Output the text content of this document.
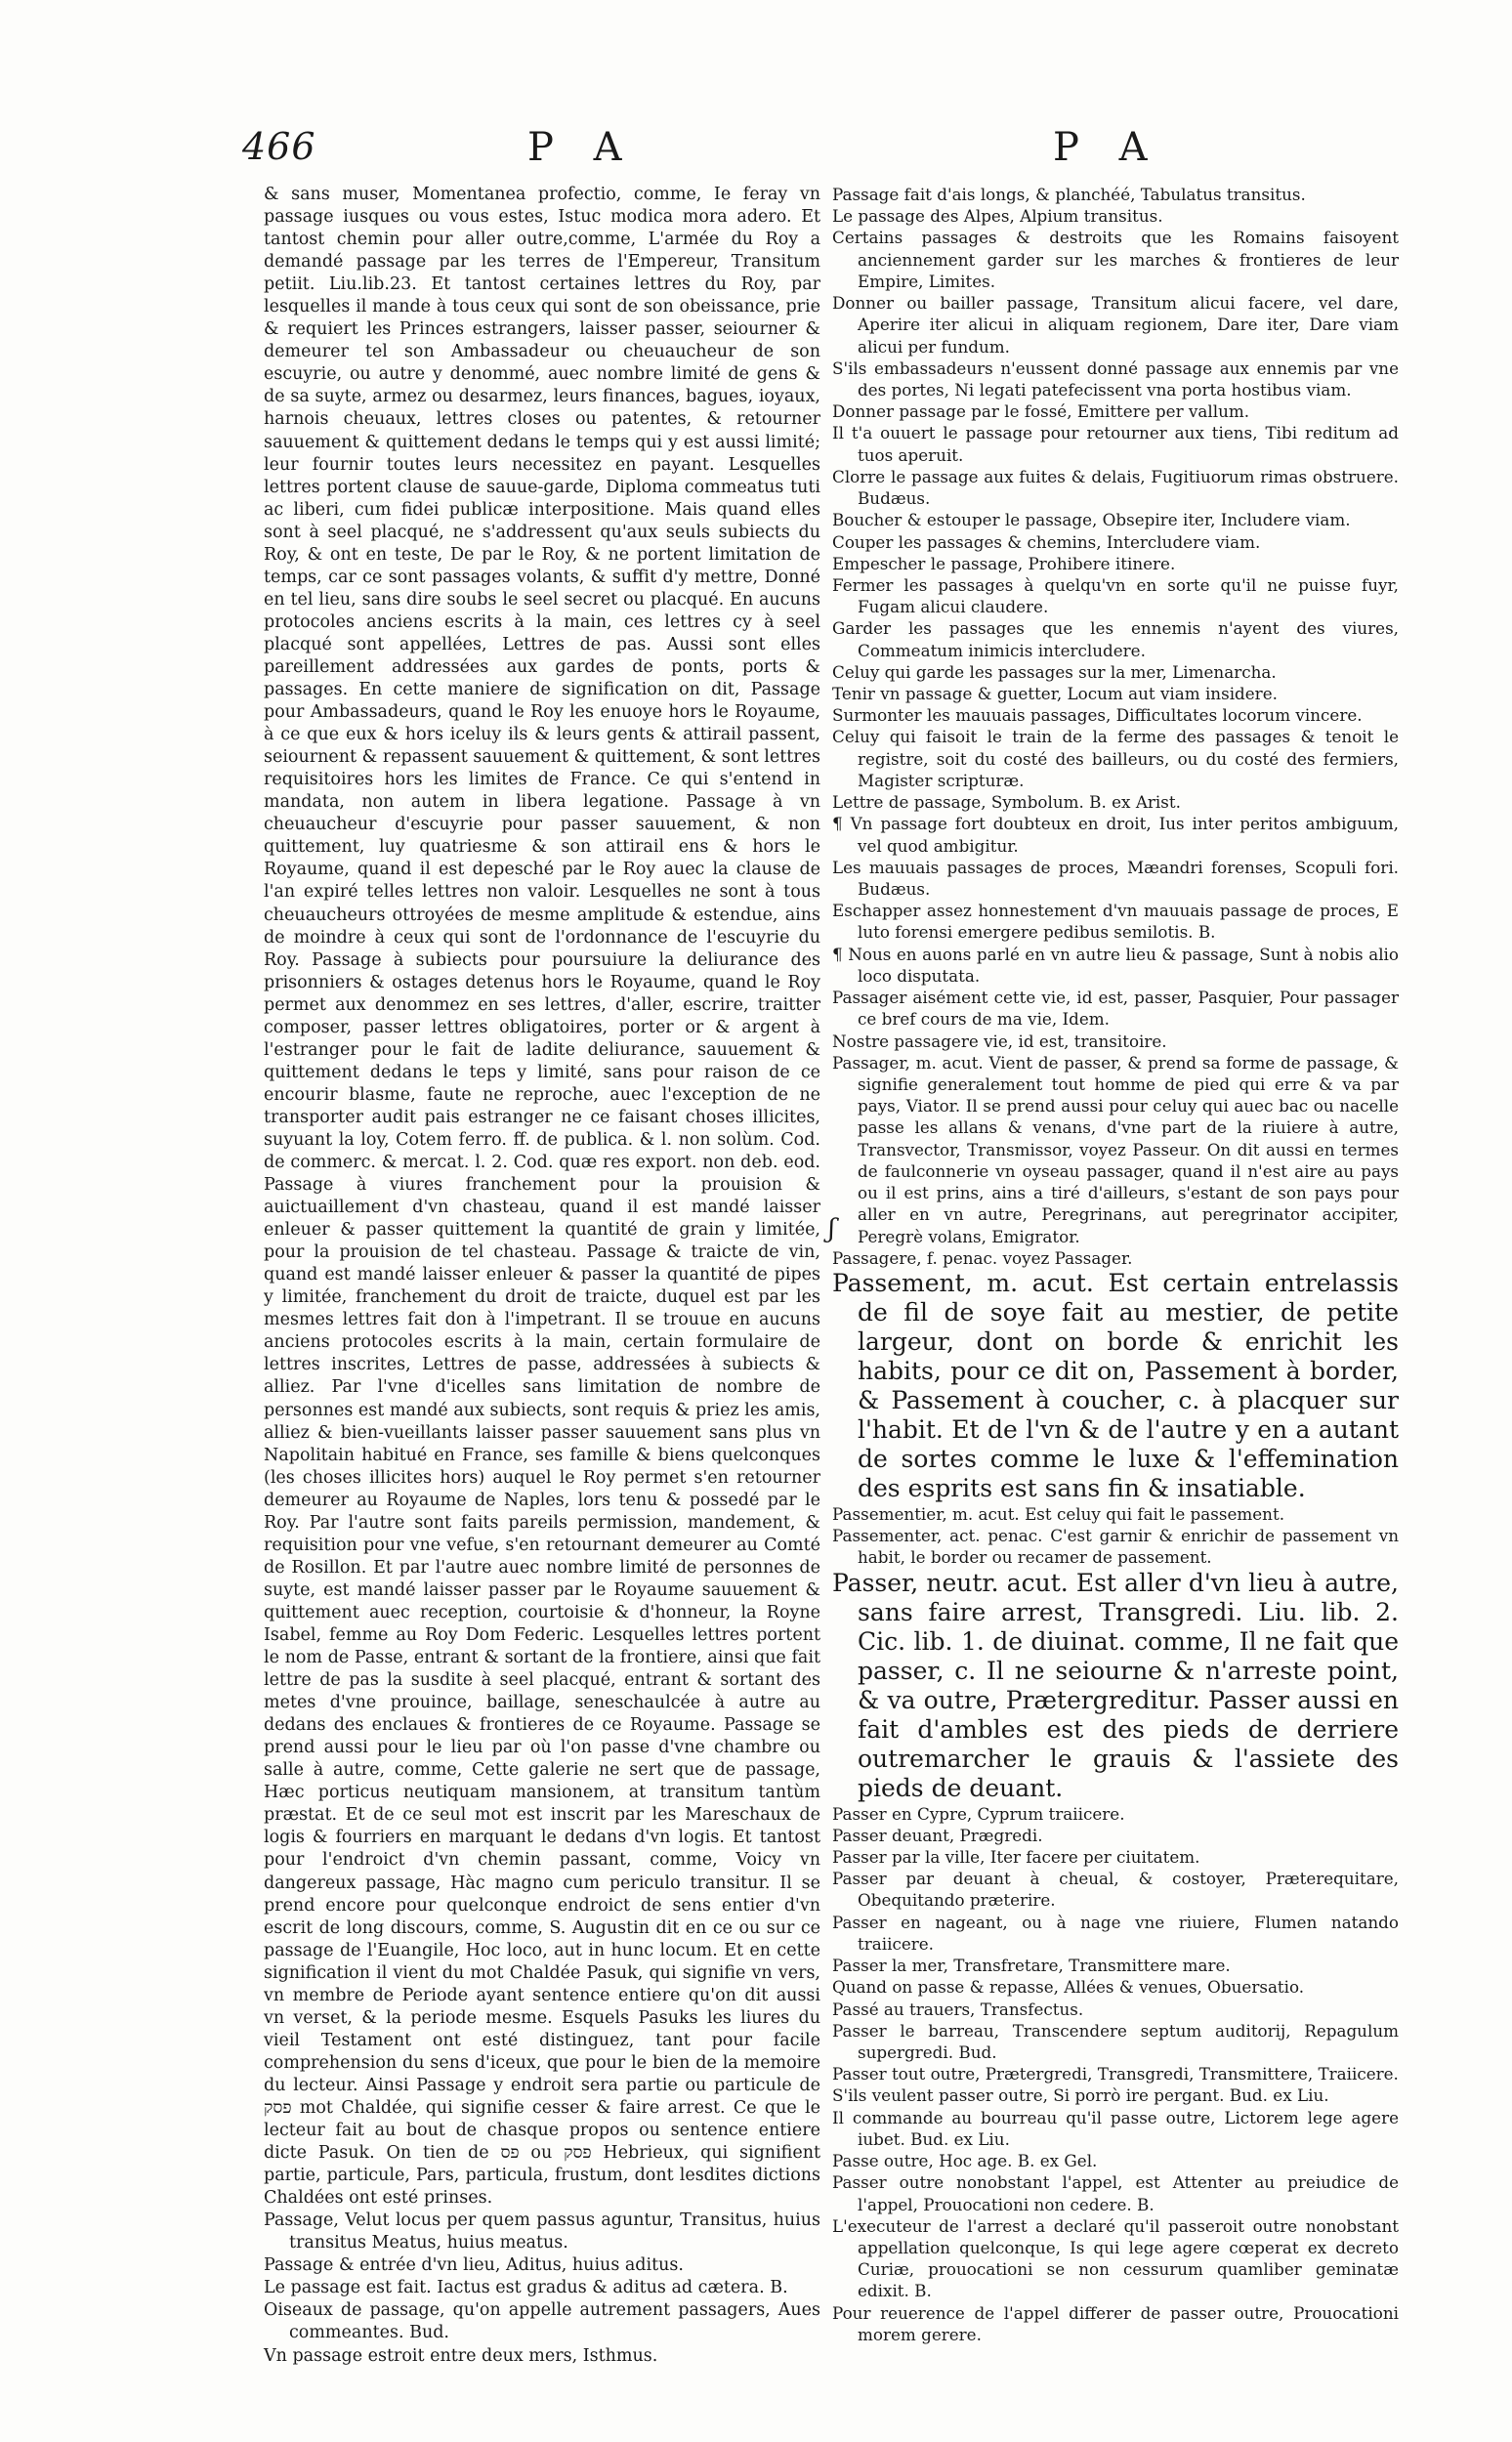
466	P A	P A
ʃ

& sans muser, Momentanea profectio, comme, Ie feray vn passage iusques ou vous estes, Istuc modica mora adero. Et tantost chemin pour aller outre,comme, L'armée du Roy a demandé passage par les terres de l'Empereur, Transitum petiit. Liu.lib.23. Et tantost certaines lettres du Roy, par lesquelles il mande à tous ceux qui sont de son obeissance, prie & requiert les Princes estrangers, laisser passer, seiourner & demeurer tel son Ambassadeur ou cheuaucheur de son escuyrie, ou autre y denommé, auec nombre limité de gens & de sa suyte, armez ou desarmez, leurs finances, bagues, ioyaux, harnois cheuaux, lettres closes ou patentes, & retourner sauuement & quittement dedans le temps qui y est aussi limité; leur fournir toutes leurs necessitez en payant. Lesquelles lettres portent clause de sauue-garde, Diploma commeatus tuti ac liberi, cum fidei publicæ interpositione. Mais quand elles sont à seel placqué, ne s'addressent qu'aux seuls subiects du Roy, & ont en teste, De par le Roy, & ne portent limitation de temps, car ce sont passages volants, & suffit d'y mettre, Donné en tel lieu, sans dire soubs le seel secret ou placqué. En aucuns protocoles anciens escrits à la main, ces lettres cy à seel placqué sont appellées, Lettres de pas. Aussi sont elles pareillement addressées aux gardes de ponts, ports & passages. En cette maniere de signification on dit, Passage pour Ambassadeurs, quand le Roy les enuoye hors le Royaume, à ce que eux & hors iceluy ils & leurs gents & attirail passent, seiournent & repassent sauuement & quittement, & sont lettres requisitoires hors les limites de France. Ce qui s'entend in mandata, non autem in libera legatione. Passage à vn cheuaucheur d'escuyrie pour passer sauuement, & non quittement, luy quatriesme & son attirail ens & hors le Royaume, quand il est depesché par le Roy auec la clause de l'an expiré telles lettres non valoir. Lesquelles ne sont à tous cheuaucheurs ottroyées de mesme amplitude & estendue, ains de moindre à ceux qui sont de l'ordonnance de l'escuyrie du Roy. Passage à subiects pour poursuiure la deliurance des prisonniers & ostages detenus hors le Royaume, quand le Roy permet aux denommez en ses lettres, d'aller, escrire, traitter composer, passer lettres obligatoires, porter or & argent à l'estranger pour le fait de ladite deliurance, sauuement & quittement dedans le teps y limité, sans pour raison de ce encourir blasme, faute ne reproche, auec l'exception de ne transporter audit pais estranger ne ce faisant choses illicites, suyuant la loy, Cotem ferro. ff. de publica. & l. non solùm. Cod. de commerc. & mercat. l. 2. Cod. quæ res export. non deb. eod. Passage à viures franchement pour la prouision & auictuaillement d'vn chasteau, quand il est mandé laisser enleuer & passer quittement la quantité de grain y limitée, pour la prouision de tel chasteau. Passage & traicte de vin, quand est mandé laisser enleuer & passer la quantité de pipes y limitée, franchement du droit de traicte, duquel est par les mesmes lettres fait don à l'impetrant. Il se trouue en aucuns anciens protocoles escrits à la main, certain formulaire de lettres inscrites, Lettres de passe, addressées à subiects & alliez. Par l'vne d'icelles sans limitation de nombre de personnes est mandé aux subiects, sont requis & priez les amis, alliez & bien-vueillants laisser passer sauuement sans plus vn Napolitain habitué en France, ses famille & biens quelconques (les choses illicites hors) auquel le Roy permet s'en retourner demeurer au Royaume de Naples, lors tenu & possedé par le Roy. Par l'autre sont faits pareils permission, mandement, & requisition pour vne vefue, s'en retournant demeurer au Comté de Rosillon. Et par l'autre auec nombre limité de personnes de suyte, est mandé laisser passer par le Royaume sauuement & quittement auec reception, courtoisie & d'honneur, la Royne Isabel, femme au Roy Dom Federic. Lesquelles lettres portent le nom de Passe, entrant & sortant de la frontiere, ainsi que fait lettre de pas la susdite à seel placqué, entrant & sortant des metes d'vne prouince, baillage, seneschaulcée à autre au dedans des enclaues & frontieres de ce Royaume. Passage se prend aussi pour le lieu par où l'on passe d'vne chambre ou salle à autre, comme, Cette galerie ne sert que de passage, Hæc porticus neutiquam mansionem, at transitum tantùm præstat. Et de ce seul mot est inscrit par les Mareschaux de logis & fourriers en marquant le dedans d'vn logis. Et tantost pour l'endroict d'vn chemin passant, comme, Voicy vn dangereux passage, Hàc magno cum periculo transitur. Il se prend encore pour quelconque endroict de sens entier d'vn escrit de long discours, comme, S. Augustin dit en ce ou sur ce passage de l'Euangile, Hoc loco, aut in hunc locum. Et en cette signification il vient du mot Chaldée Pasuk, qui signifie vn vers, vn membre de Periode ayant sentence entiere qu'on dit aussi vn verset, & la periode mesme. Esquels Pasuks les liures du vieil Testament ont esté distinguez, tant pour facile comprehension du sens d'iceux, que pour le bien de la memoire du lecteur. Ainsi Passage y endroit sera partie ou particule de פסק mot Chaldée, qui signifie cesser & faire arrest. Ce que le lecteur fait au bout de chasque propos ou sentence entiere dicte Pasuk. On tien de פס ou פסק Hebrieux, qui signifient partie, particule, Pars, particula, frustum, dont lesdites dictions Chaldées ont esté prinses.

Passage, Velut locus per quem passus aguntur, Transitus, huius transitus Meatus, huius meatus.

Passage & entrée d'vn lieu, Aditus, huius aditus.

Le passage est fait. Iactus est gradus & aditus ad cætera. B.

Oiseaux de passage, qu'on appelle autrement passagers, Aues commeantes. Bud.

Vn passage estroit entre deux mers, Isthmus.

Passage fait d'ais longs, & planchéé, Tabulatus transitus.

Le passage des Alpes, Alpium transitus.

Certains passages & destroits que les Romains faisoyent anciennement garder sur les marches & frontieres de leur Empire, Limites.

Donner ou bailler passage, Transitum alicui facere, vel dare, Aperire iter alicui in aliquam regionem, Dare iter, Dare viam alicui per fundum.

S'ils embassadeurs n'eussent donné passage aux ennemis par vne des portes, Ni legati patefecissent vna porta hostibus viam.

Donner passage par le fossé, Emittere per vallum.

Il t'a ouuert le passage pour retourner aux tiens, Tibi reditum ad tuos aperuit.

Clorre le passage aux fuites & delais, Fugitiuorum rimas obstruere. Budæus.

Boucher & estouper le passage, Obsepire iter, Includere viam.

Couper les passages & chemins, Intercludere viam.

Empescher le passage, Prohibere itinere.

Fermer les passages à quelqu'vn en sorte qu'il ne puisse fuyr, Fugam alicui claudere.

Garder les passages que les ennemis n'ayent des viures, Commeatum inimicis intercludere.

Celuy qui garde les passages sur la mer, Limenarcha.

Tenir vn passage & guetter, Locum aut viam insidere.

Surmonter les mauuais passages, Difficultates locorum vincere.

Celuy qui faisoit le train de la ferme des passages & tenoit le registre, soit du costé des bailleurs, ou du costé des fermiers, Magister scripturæ.

Lettre de passage, Symbolum. B. ex Arist.

¶ Vn passage fort doubteux en droit, Ius inter peritos ambiguum, vel quod ambigitur.

Les mauuais passages de proces, Mæandri forenses, Scopuli fori. Budæus.

Eschapper assez honnestement d'vn mauuais passage de proces, E luto forensi emergere pedibus semilotis. B.

¶ Nous en auons parlé en vn autre lieu & passage, Sunt à nobis alio loco disputata.

Passager aisément cette vie, id est, passer, Pasquier, Pour passager ce bref cours de ma vie, Idem.

Nostre passagere vie, id est, transitoire.

Passager, m. acut. Vient de passer, & prend sa forme de passage, & signifie generalement tout homme de pied qui erre & va par pays, Viator. Il se prend aussi pour celuy qui auec bac ou nacelle passe les allans & venans, d'vne part de la riuiere à autre, Transvector, Transmissor, voyez Passeur. On dit aussi en termes de faulconnerie vn oyseau passager, quand il n'est aire au pays ou il est prins, ains a tiré d'ailleurs, s'estant de son pays pour aller en vn autre, Peregrinans, aut peregrinator accipiter, Peregrè volans, Emigrator.

Passagere, f. penac. voyez Passager.

Passement, m. acut. Est certain entrelassis de fil de soye fait au mestier, de petite largeur, dont on borde & enrichit les habits, pour ce dit on, Passement à border, & Passement à coucher, c. à placquer sur l'habit. Et de l'vn & de l'autre y en a autant de sortes comme le luxe & l'effemination des esprits est sans fin & insatiable.

Passementier, m. acut. Est celuy qui fait le passement.

Passementer, act. penac. C'est garnir & enrichir de passement vn habit, le border ou recamer de passement.

Passer, neutr. acut. Est aller d'vn lieu à autre, sans faire arrest, Transgredi. Liu. lib. 2. Cic. lib. 1. de diuinat. comme, Il ne fait que passer, c. Il ne seiourne & n'arreste point, & va outre, Prætergreditur. Passer aussi en fait d'ambles est des pieds de derriere outremarcher le grauis & l'assiete des pieds de deuant.

Passer en Cypre, Cyprum traiicere.

Passer deuant, Prægredi.

Passer par la ville, Iter facere per ciuitatem.

Passer par deuant à cheual, & costoyer, Præterequitare, Obequitando præterire.

Passer en nageant, ou à nage vne riuiere, Flumen natando traiicere.

Passer la mer, Transfretare, Transmittere mare.

Quand on passe & repasse, Allées & venues, Obuersatio.

Passé au trauers, Transfectus.

Passer le barreau, Transcendere septum auditorij, Repagulum supergredi. Bud.

Passer tout outre, Prætergredi, Transgredi, Transmittere, Traiicere.

S'ils veulent passer outre, Si porrò ire pergant. Bud. ex Liu.

Il commande au bourreau qu'il passe outre, Lictorem lege agere iubet. Bud. ex Liu.

Passe outre, Hoc age. B. ex Gel.

Passer outre nonobstant l'appel, est Attenter au preiudice de l'appel, Prouocationi non cedere. B.

L'executeur de l'arrest a declaré qu'il passeroit outre nonobstant appellation quelconque, Is qui lege agere cœperat ex decreto Curiæ, prouocationi se non cessurum quamliber geminatæ edixit. B.

Pour reuerence de l'appel differer de passer outre, Prouocationi morem gerere.
